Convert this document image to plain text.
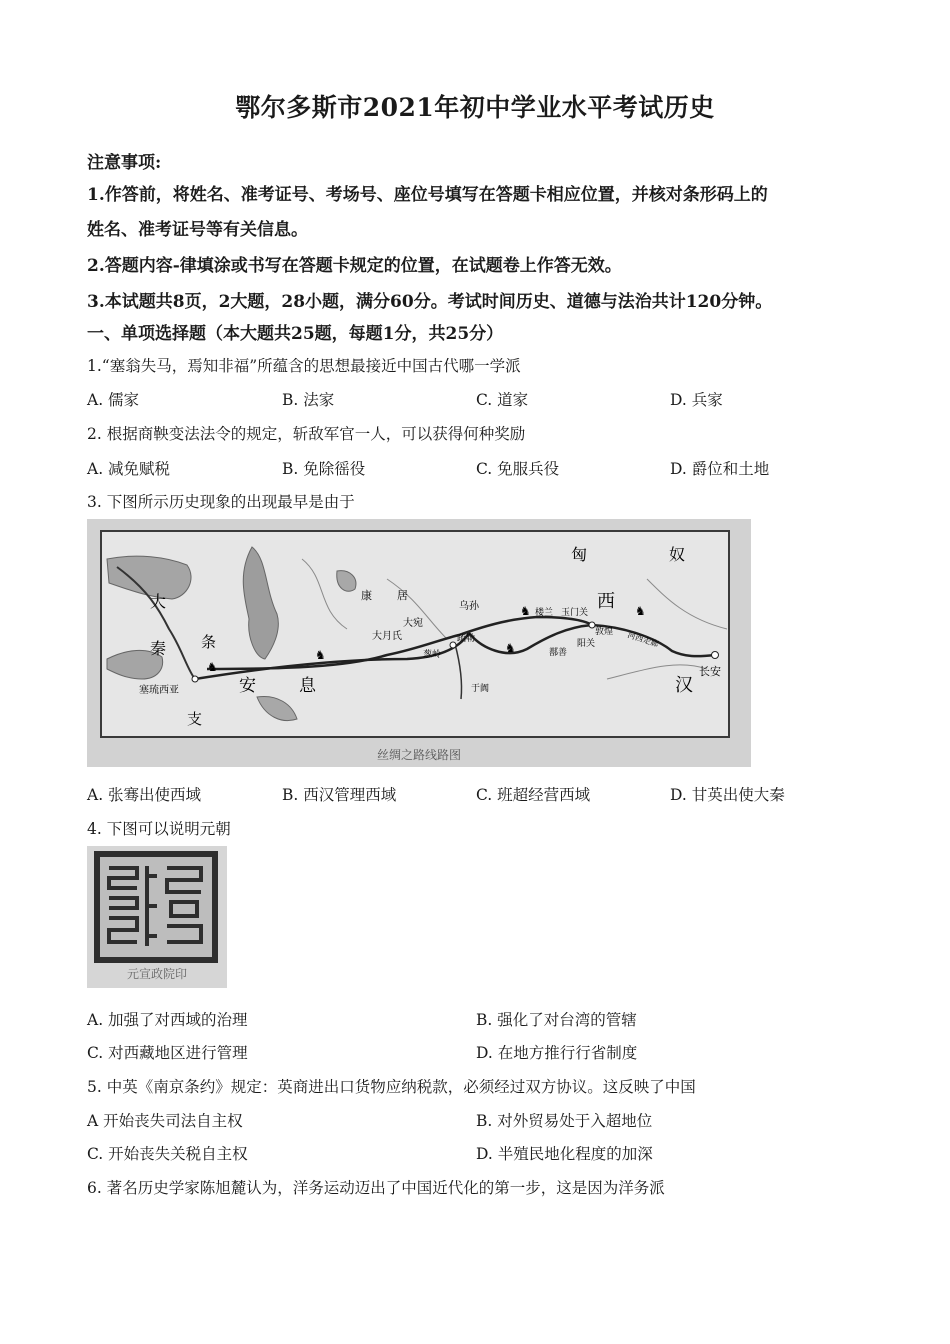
鄂尔多斯市2021年初中学业水平考试历史
注意事项:
1.作答前，将姓名、准考证号、考场号、座位号填写在答题卡相应位置，并核对条形码上的
姓名、准考证号等有关信息。
2.答题内容-律填涂或书写在答题卡规定的位置，在试题卷上作答无效。
3.本试题共8页，2大题，28小题，满分60分。考试时间历史、道德与法治共计120分钟。
一、单项选择题（本大题共25题，每题1分，共25分）
1.“塞翁失马，焉知非福”所蕴含的思想最接近中国古代哪一学派
A. 儒家	B. 法家	C. 道家	D. 兵家
2. 根据商鞅变法法令的规定，斩敌军官一人，可以获得何种奖励
A. 减免赋税	B. 免除徭役	C. 免服兵役	D. 爵位和土地
3. 下图所示历史现象的出现最早是由于
♞
♞	♞
♞	♞
匈	奴
大
秦 条
支
安	息
康 居
大宛
乌孙
疏勒
葱岭
大月氏
楼兰 玉门关
敦煌
阳关
鄯善
于阗
河西走廊
西
汉
长安
塞琉西亚
丝绸之路线路图
A. 张骞出使西域	B. 西汉管理西域	C. 班超经营西域	D. 甘英出使大秦
4. 下图可以说明元朝
元宣政院印
A. 加强了对西域的治理	B. 强化了对台湾的管辖
C. 对西藏地区进行管理	D. 在地方推行行省制度
5. 中英《南京条约》规定：英商进出口货物应纳税款，必须经过双方协议。这反映了中国
A 开始丧失司法自主权	B. 对外贸易处于入超地位
C. 开始丧失关税自主权	D. 半殖民地化程度的加深
6. 著名历史学家陈旭麓认为，洋务运动迈出了中国近代化的第一步，这是因为洋务派
